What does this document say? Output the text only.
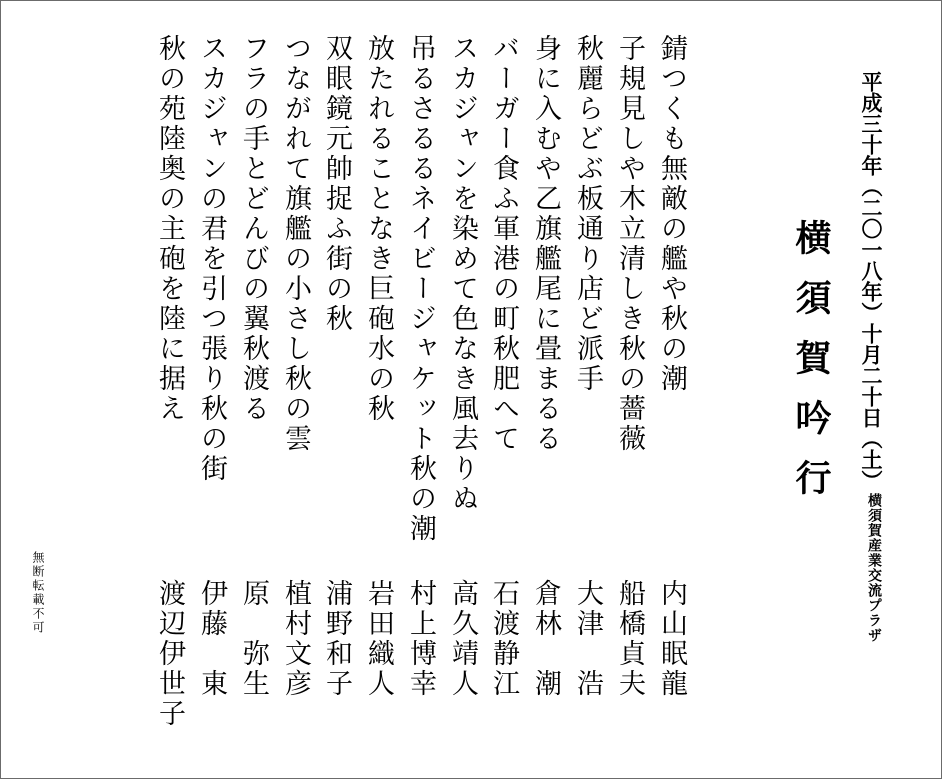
平成三十年（二〇一八年）十月二十日（土）
横須賀産業交流プラザ
横須賀吟行
錆つくも無敵の艦や秋の潮
子規見しや木立清しき秋の薔薇
秋麗らどぶ板通り店ど派手
身に入むや乙旗艦尾に畳まるる
バーガー食ふ軍港の町秋肥へて
スカジャンを染めて色なき風去りぬ
吊るさるるネイビージャケット秋の潮
放たれることなき巨砲水の秋
双眼鏡元帥捉ふ街の秋
つながれて旗艦の小さし秋の雲
フラの手とどんびの翼秋渡る
スカジャンの君を引つ張り秋の街
秋の苑陸奥の主砲を陸に据え
内山眠龍
船橋貞夫
大津　浩
倉林　潮
石渡静江
高久靖人
村上博幸
岩田織人
浦野和子
植村文彦
原　弥生
伊藤　東
渡辺伊世子
無断転載不可
